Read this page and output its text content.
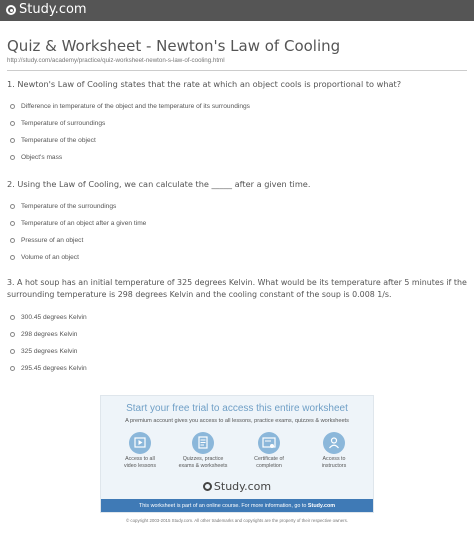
Study.com
Quiz & Worksheet - Newton's Law of Cooling
http://study.com/academy/practice/quiz-worksheet-newton-s-law-of-cooling.html
1. Newton's Law of Cooling states that the rate at which an object cools is proportional to what?
Difference in temperature of the object and the temperature of its surroundings
Temperature of surroundings
Temperature of the object
Object's mass
2. Using the Law of Cooling, we can calculate the _____ after a given time.
Temperature of the surroundings
Temperature of an object after a given time
Pressure of an object
Volume of an object
3. A hot soup has an initial temperature of 325 degrees Kelvin. What would be its temperature after 5 minutes if the
surrounding temperature is 298 degrees Kelvin and the cooling constant of the soup is 0.008 1/s.
300.45 degrees Kelvin
298 degrees Kelvin
325 degrees Kelvin
295.45 degrees Kelvin
Start your free trial to access this entire worksheet
A premium account gives you access to all lessons, practice exams, quizzes & worksheets
Access to all
video lessons
Quizzes, practice
exams & worksheets
Certificate of
completion
Access to
instructors
Study.com
This worksheet is part of an online course. For more information, go to
Study.com
© copyright 2003-2015 Study.com. All other trademarks and copyrights are the property of their respective owners.
